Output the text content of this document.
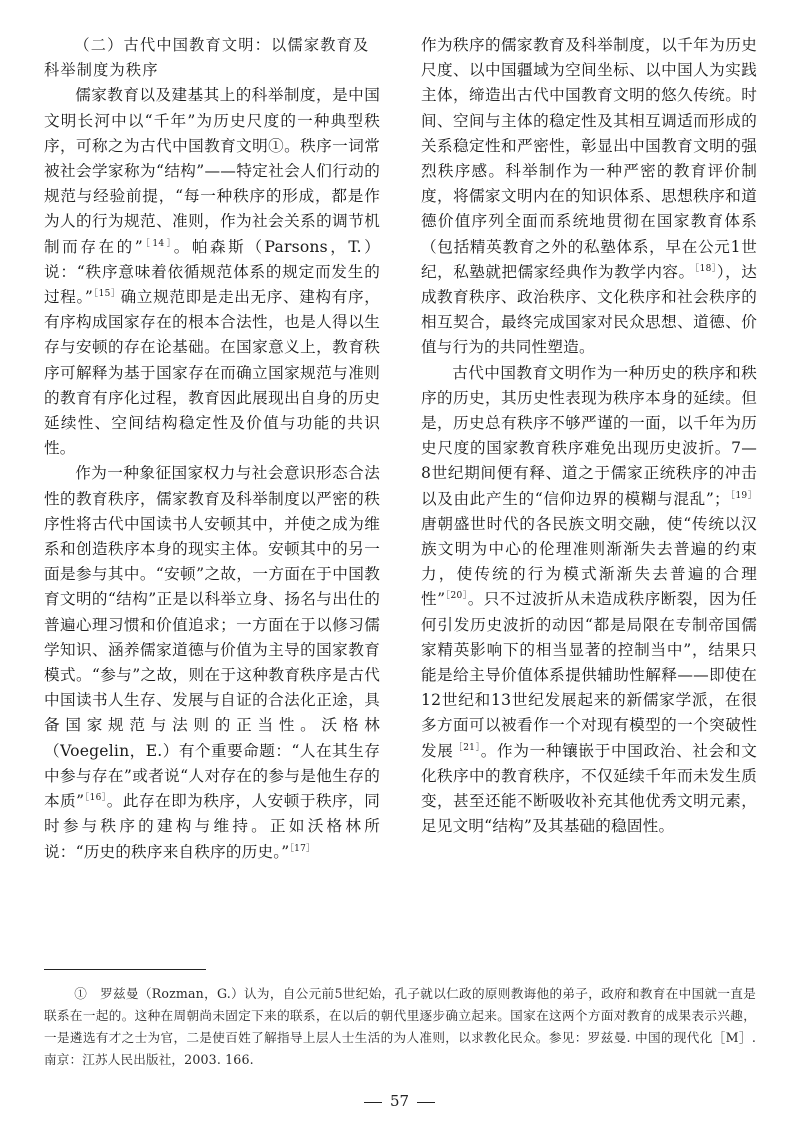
（二）古代中国教育文明：以儒家教育及科举制度为秩序

儒家教育以及建基其上的科举制度，是中国文明长河中以“千年”为历史尺度的一种典型秩序，可称之为古代中国教育文明①。秩序一词常被社会学家称为“结构”——特定社会人们行动的规范与经验前提，“每一种秩序的形成，都是作为人的行为规范、准则，作为社会关系的调节机制而存在的”$^{[14]}$。帕森斯（Parsons，T.）说：“秩序意味着依循规范体系的规定而发生的过程。”$^{[15]}$确立规范即是走出无序、建构有序，有序构成国家存在的根本合法性，也是人得以生存与安顿的存在论基础。在国家意义上，教育秩序可解释为基于国家存在而确立国家规范与准则的教育有序化过程，教育因此展现出自身的历史延续性、空间结构稳定性及价值与功能的共识性。

作为一种象征国家权力与社会意识形态合法性的教育秩序，儒家教育及科举制度以严密的秩序性将古代中国读书人安顿其中，并使之成为维系和创造秩序本身的现实主体。安顿其中的另一面是参与其中。“安顿”之故，一方面在于中国教育文明的“结构”正是以科举立身、扬名与出仕的普遍心理习惯和价值追求；一方面在于以修习儒学知识、涵养儒家道德与价值为主导的国家教育模式。“参与”之故，则在于这种教育秩序是古代中国读书人生存、发展与自证的合法化正途，具备国家规范与法则的正当性。沃格林（Voegelin，E.）有个重要命题：“人在其生存中参与存在”或者说“人对存在的参与是他生存的本质”$^{[16]}$。此存在即为秩序，人安顿于秩序，同时参与秩序的建构与维持。正如沃格林所说：“历史的秩序来自秩序的历史。”$^{[17]}$

作为秩序的儒家教育及科举制度，以千年为历史尺度、以中国疆域为空间坐标、以中国人为实践主体，缔造出古代中国教育文明的悠久传统。时间、空间与主体的稳定性及其相互调适而形成的关系稳定性和严密性，彰显出中国教育文明的强烈秩序感。科举制作为一种严密的教育评价制度，将儒家文明内在的知识体系、思想秩序和道德价值序列全面而系统地贯彻在国家教育体系（包括精英教育之外的私塾体系，早在公元1世纪，私塾就把儒家经典作为教学内容。$^{[18]}$），达成教育秩序、政治秩序、文化秩序和社会秩序的相互契合，最终完成国家对民众思想、道德、价值与行为的共同性塑造。

古代中国教育文明作为一种历史的秩序和秩序的历史，其历史性表现为秩序本身的延续。但是，历史总有秩序不够严谨的一面，以千年为历史尺度的国家教育秩序难免出现历史波折。7—8世纪期间便有释、道之于儒家正统秩序的冲击以及由此产生的“信仰边界的模糊与混乱”；$^{[19]}$唐朝盛世时代的各民族文明交融，使“传统以汉族文明为中心的伦理准则渐渐失去普遍的约束力，使传统的行为模式渐渐失去普遍的合理性”$^{[20]}$。只不过波折从未造成秩序断裂，因为任何引发历史波折的动因“都是局限在专制帝国儒家精英影响下的相当显著的控制当中”，结果只能是给主导价值体系提供辅助性解释——即使在12世纪和13世纪发展起来的新儒家学派，在很多方面可以被看作一个对现有模型的一个突破性发展$^{[21]}$。作为一种镶嵌于中国政治、社会和文化秩序中的教育秩序，不仅延续千年而未发生质变，甚至还能不断吸收补充其他优秀文明元素，足见文明“结构”及其基础的稳固性。

①　 罗兹曼（Rozman，G.）认为，自公元前5世纪始，孔子就以仁政的原则教诲他的弟子，政府和教育在中国就一直是联系在一起的。这种在周朝尚未固定下来的联系，在以后的朝代里逐步确立起来。国家在这两个方面对教育的成果表示兴趣，一是遴选有才之士为官，二是使百姓了解指导上层人士生活的为人准则，以求教化民众。参见：罗兹曼. 中国的现代化［M］. 南京：江苏人民出版社，2003. 166.

57
